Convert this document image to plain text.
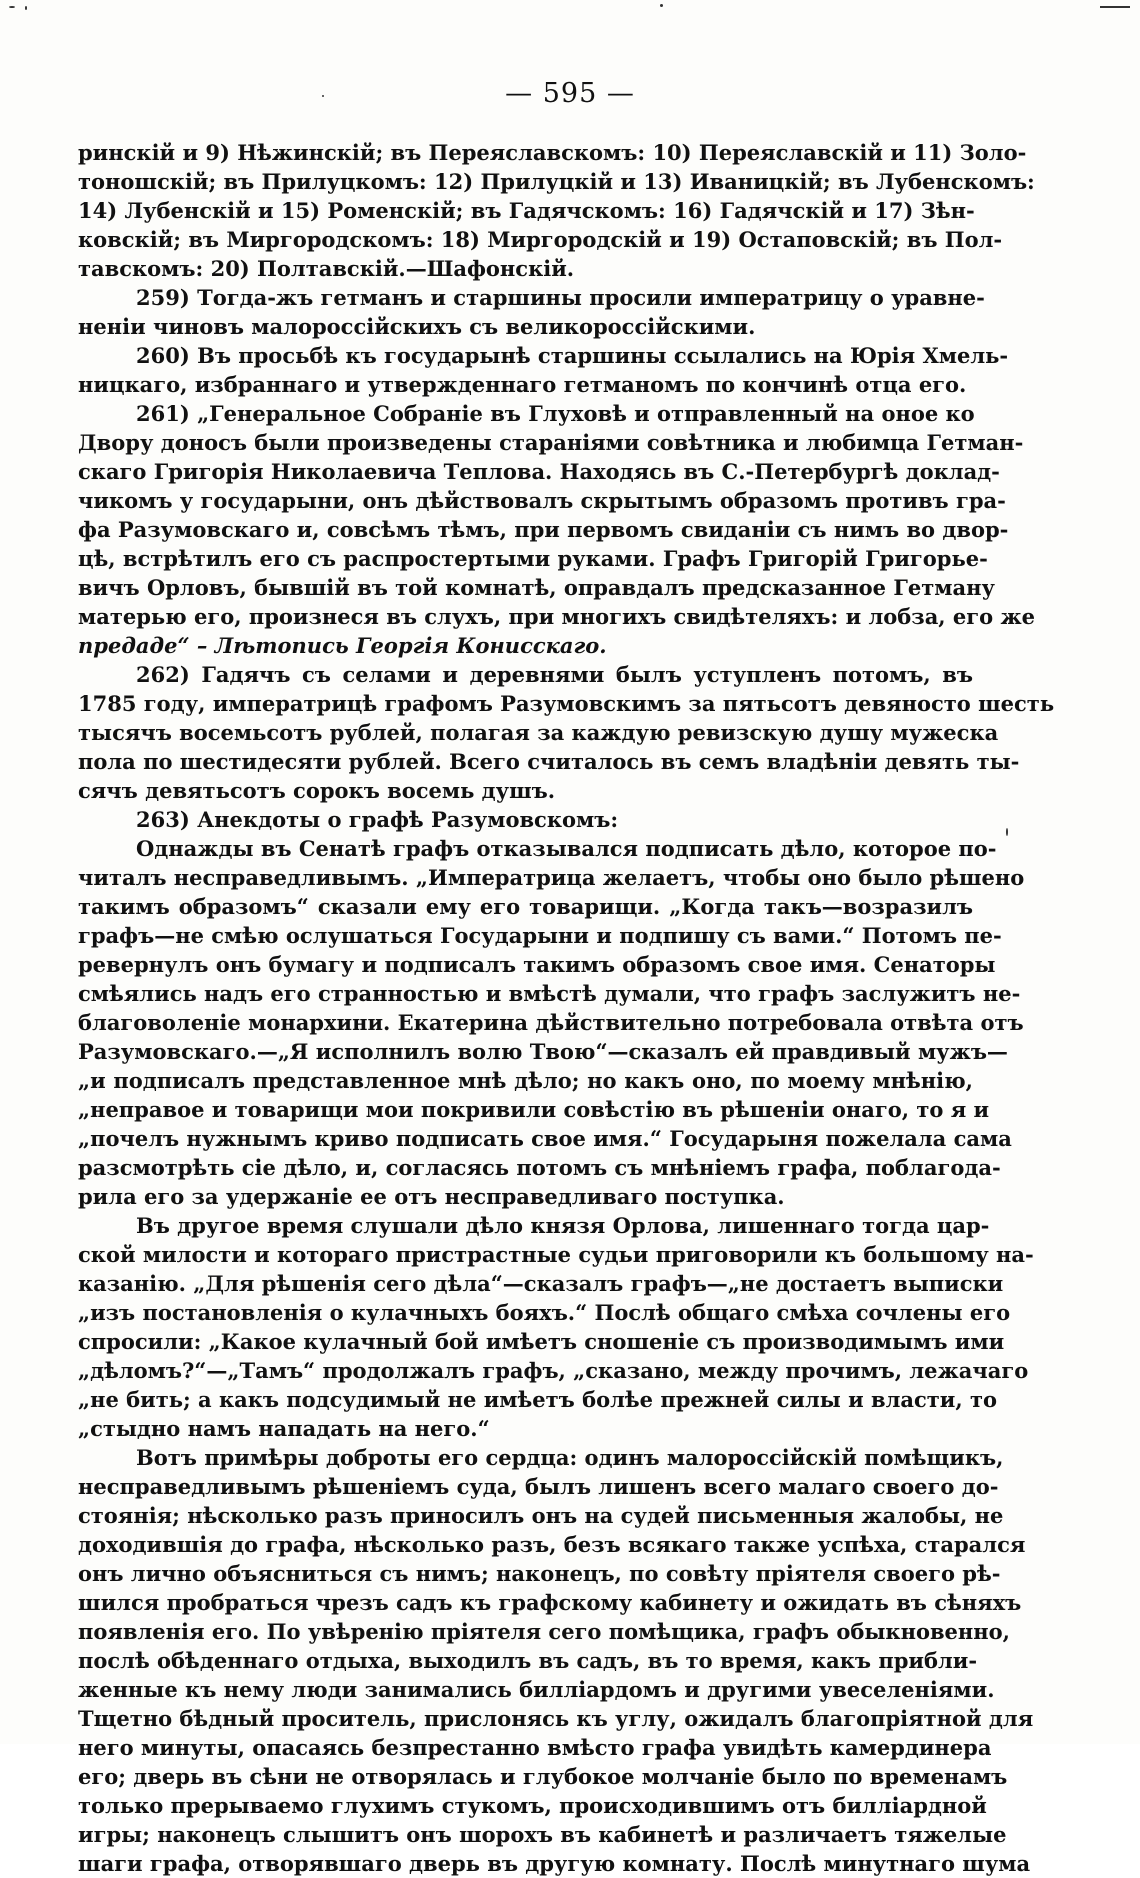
— 595 —
ринскій и 9) Нѣжинскій; въ Переяславскомъ: 10) Переяславскій и 11) Золо-
тоношскій; въ Прилуцкомъ: 12) Прилуцкій и 13) Иваницкій; въ Лубенскомъ:
14) Лубенскій и 15) Роменскій; въ Гадячскомъ: 16) Гадячскій и 17) Зѣн-
ковскій; въ Миргородскомъ: 18) Миргородскій и 19) Остаповскій; въ Пол-
тавскомъ: 20) Полтавскій.—Шафонскій.
259) Тогда-жъ гетманъ и старшины просили императрицу о уравне-
ненiи чиновъ малороссійскихъ съ великороссійскими.
260) Въ просьбѣ къ государынѣ старшины ссылались на Юрія Хмель-
ницкаго, избраннаго и утвержденнаго гетманомъ по кончинѣ отца его.
261) „Генеральное Собраніе въ Глуховѣ и отправленный на оное ко
Двору доносъ были произведены стараніями совѣтника и любимца Гетман-
скаго Григорія Николаевича Теплова. Находясь въ С.-Петербургѣ доклад-
чикомъ у государыни, онъ дѣйствовалъ скрытымъ образомъ противъ гра-
фа Разумовскаго и, совсѣмъ тѣмъ, при первомъ свиданіи съ нимъ во двор-
цѣ, встрѣтилъ его съ распростертыми руками. Графъ Григорій Григорье-
вичъ Орловъ, бывшій въ той комнатѣ, оправдалъ предсказанное Гетману
матерью его, произнеся въ слухъ, при многихъ свидѣтеляхъ: и лобза, его же
предаде“ – Лѣтопись Георгія Конисскаго.
262) Гадячъ съ селами и деревнями былъ уступленъ потомъ, въ
1785 году, императрицѣ графомъ Разумовскимъ за пятьсотъ девяносто шесть
тысячъ восемьсотъ рублей, полагая за каждую ревизскую душу мужеска
пола по шестидесяти рублей. Всего считалось въ семъ владѣніи девять ты-
сячъ девятьсотъ сорокъ восемь душъ.
263) Анекдоты о графѣ Разумовскомъ:
Однажды въ Сенатѣ графъ отказывался подписать дѣло, которое по-
читалъ несправедливымъ. „Императрица желаетъ, чтобы оно было рѣшено
такимъ образомъ“ сказали ему его товарищи. „Когда такъ—возразилъ
графъ—не смѣю ослушаться Государыни и подпишу съ вами.“ Потомъ пе-
ревернулъ онъ бумагу и подписалъ такимъ образомъ свое имя. Сенаторы
смѣялись надъ его странностью и вмѣстѣ думали, что графъ заслужитъ не-
благоволеніе монархини. Екатерина дѣйствительно потребовала отвѣта отъ
Разумовскаго.—„Я исполнилъ волю Твою“—сказалъ ей правдивый мужъ—
„и подписалъ представленное мнѣ дѣло; но какъ оно, по моему мнѣнію,
„неправое и товарищи мои покривили совѣстію въ рѣшеніи онаго, то я и
„почелъ нужнымъ криво подписать свое имя.“ Государыня пожелала сама
разсмотрѣть сіе дѣло, и, согласясь потомъ съ мнѣніемъ графа, поблагода-
рила его за удержаніе ее отъ несправедливаго поступка.
Въ другое время слушали дѣло князя Орлова, лишеннаго тогда цар-
ской милости и котораго пристрастные судьи приговорили къ большому на-
казанію. „Для рѣшенія сего дѣла“—сказалъ графъ—„не достаетъ выписки
„изъ постановленія о кулачныхъ бояхъ.“ Послѣ общаго смѣха сочлены его
спросили: „Какое кулачный бой имѣетъ сношеніе съ производимымъ ими
„дѣломъ?“—„Тамъ“ продолжалъ графъ, „сказано, между прочимъ, лежачаго
„не бить; а какъ подсудимый не имѣетъ болѣе прежней силы и власти, то
„стыдно намъ нападать на него.“
Вотъ примѣры доброты его сердца: одинъ малороссійскій помѣщикъ,
несправедливымъ рѣшеніемъ суда, былъ лишенъ всего малаго своего до-
стоянія; нѣсколько разъ приносилъ онъ на судей письменныя жалобы, не
доходившія до графа, нѣсколько разъ, безъ всякаго также успѣха, старался
онъ лично объясниться съ нимъ; наконецъ, по совѣту пріятеля своего рѣ-
шился пробраться чрезъ садъ къ графскому кабинету и ожидать въ сѣняхъ
появленія его. По увѣренію пріятеля сего помѣщика, графъ обыкновенно,
послѣ обѣденнаго отдыха, выходилъ въ садъ, въ то время, какъ прибли-
женные къ нему люди занимались билліардомъ и другими увеселеніями.
Тщетно бѣдный проситель, прислонясь къ углу, ожидалъ благопріятной для
него минуты, опасаясь безпрестанно вмѣсто графа увидѣть камердинера
его; дверь въ сѣни не отворялась и глубокое молчаніе было по временамъ
только прерываемо глухимъ стукомъ, происходившимъ отъ билліардной
игры; наконецъ слышитъ онъ шорохъ въ кабинетѣ и различаетъ тяжелые
шаги графа, отворявшаго дверь въ другую комнату. Послѣ минутнаго шума
